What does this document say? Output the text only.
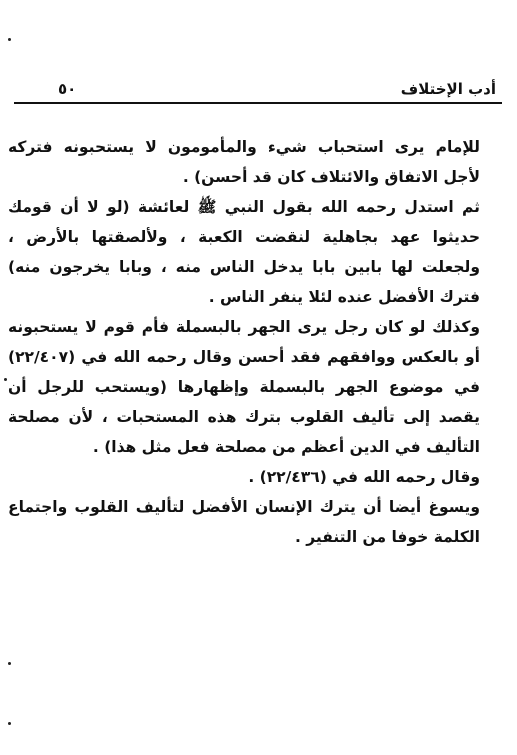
أدب الإختلاف
٥٠

للإمام يرى استحباب شيء والمأمومون لا يستحبونه فتركه لأجل الاتفاق والائتلاف كان قد أحسن) .

ثم استدل رحمه الله بقول النبي ﷺ لعائشة (لو لا أن قومك حديثوا عهد بجاهلية لنقضت الكعبة ، ولألصقتها بالأرض ، ولجعلت لها بابين بابا يدخل الناس منه ، وبابا يخرجون منه) فترك الأفضل عنده لئلا ينفر الناس .

وكذلك لو كان رجل يرى الجهر بالبسملة فأم قوم لا يستحبونه أو بالعكس ووافقهم فقد أحسن وقال رحمه الله في (٢٢/٤٠٧) في موضوع الجهر بالبسملة وإظهارها (ويستحب للرجل أن يقصد إلى تأليف القلوب بترك هذه المستحبات ، لأن مصلحة التأليف في الدين أعظم من مصلحة فعل مثل هذا) .

وقال رحمه الله في (٢٢/٤٣٦) .

ويسوغ أيضا أن يترك الإنسان الأفضل لتأليف القلوب واجتماع الكلمة خوفا من التنفير .
